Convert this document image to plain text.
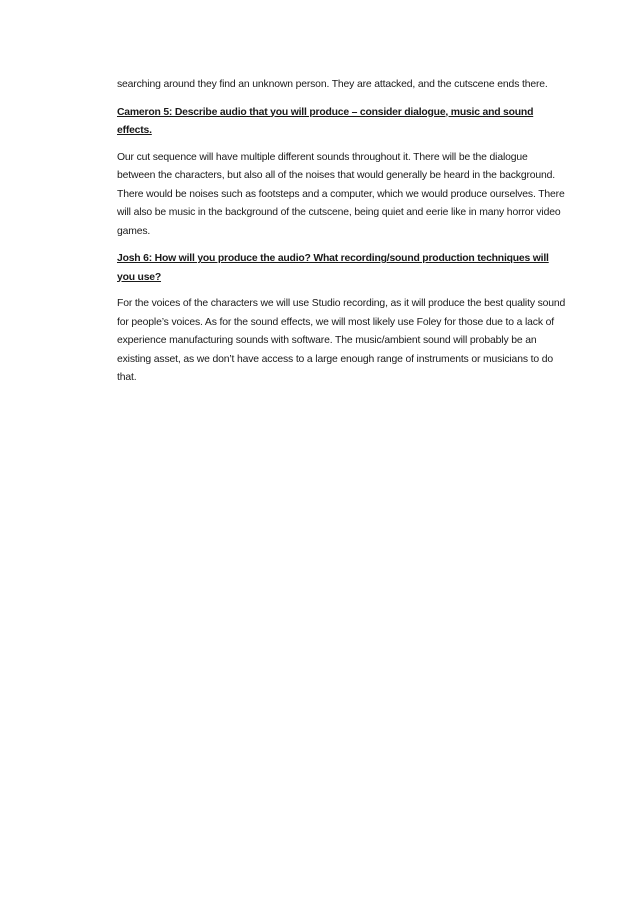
searching around they find an unknown person. They are attacked, and the cutscene ends there.

Cameron 5: Describe audio that you will produce – consider dialogue, music and sound effects.

Our cut sequence will have multiple different sounds throughout it. There will be the dialogue between the characters, but also all of the noises that would generally be heard in the background. There would be noises such as footsteps and a computer, which we would produce ourselves. There will also be music in the background of the cutscene, being quiet and eerie like in many horror video games.

Josh 6: How will you produce the audio? What recording/sound production techniques will you use?

For the voices of the characters we will use Studio recording, as it will produce the best quality sound for people’s voices. As for the sound effects, we will most likely use Foley for those due to a lack of experience manufacturing sounds with software. The music/ambient sound will probably be an existing asset, as we don’t have access to a large enough range of instruments or musicians to do that.
